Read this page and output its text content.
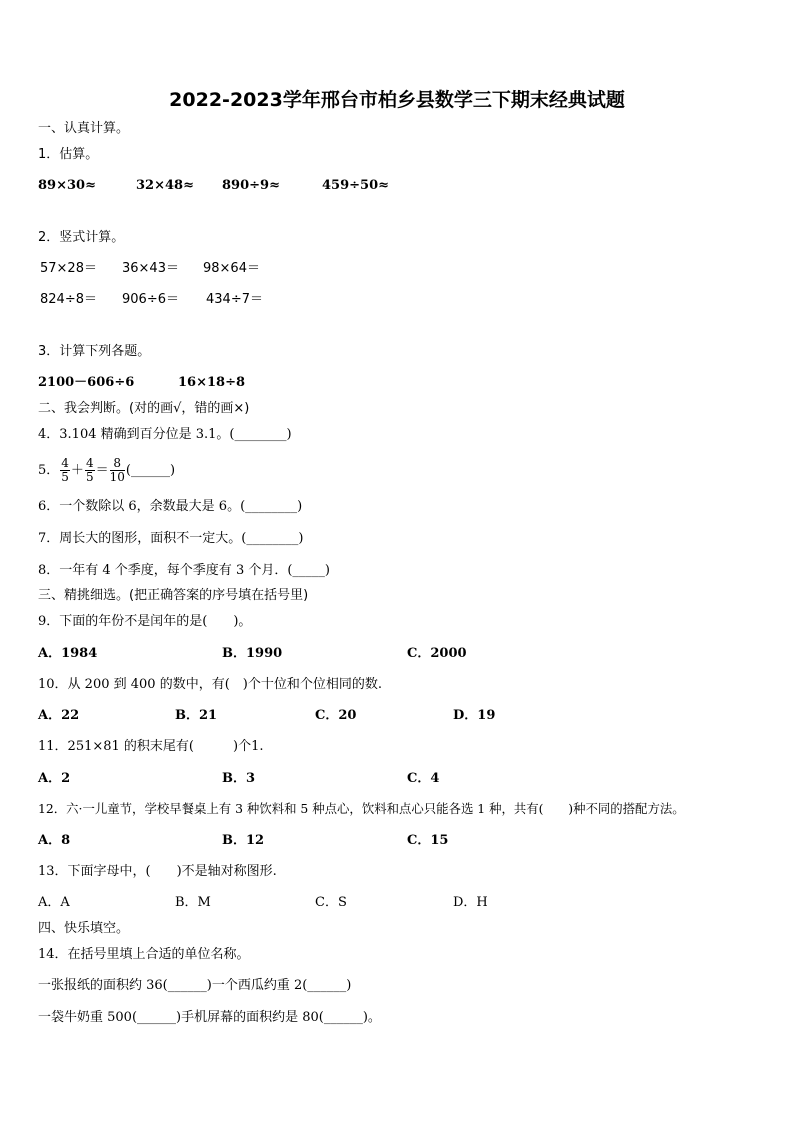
2022-2023学年邢台市柏乡县数学三下期末经典试题
一、认真计算。
1．估算。
89×30≈	32×48≈ 890÷9≈	459÷50≈
2．竖式计算。
57×28＝ 36×43＝ 98×64＝
824÷8＝ 906÷6＝ 434÷7＝
3．计算下列各题。
2100－606÷6	16×18÷8
二、我会判断。(对的画√，错的画×)
4．3.104 精确到百分位是 3.1。(________)
5． $\frac{4}{5} + \frac{4}{5} = \frac{8}{10}$ (______)
6．一个数除以 6，余数最大是 6。(________)
7．周长大的图形，面积不一定大。(________)
8．一年有 4 个季度，每个季度有 3 个月．(_____)
三、精挑细选。(把正确答案的序号填在括号里)
9．下面的年份不是闰年的是(　　)。
A．1984	B．1990	C．2000
10．从 200 到 400 的数中，有(　)个十位和个位相同的数.
A．22	B．21	C．20	D．19
11．251×81 的积末尾有(　　　)个1.
A．2	B．3	C．4
12．六·一儿童节，学校早餐桌上有 3 种饮料和 5 种点心，饮料和点心只能各选 1 种，共有(　　)种不同的搭配方法。
A．8	B．12	C．15
13．下面字母中，(　　)不是轴对称图形.
A．A	B．M	C．S	D．H
四、快乐填空。
14．在括号里填上合适的单位名称。
一张报纸的面积约 36(______)一个西瓜约重 2(______)
一袋牛奶重 500(______)手机屏幕的面积约是 80(______)。
